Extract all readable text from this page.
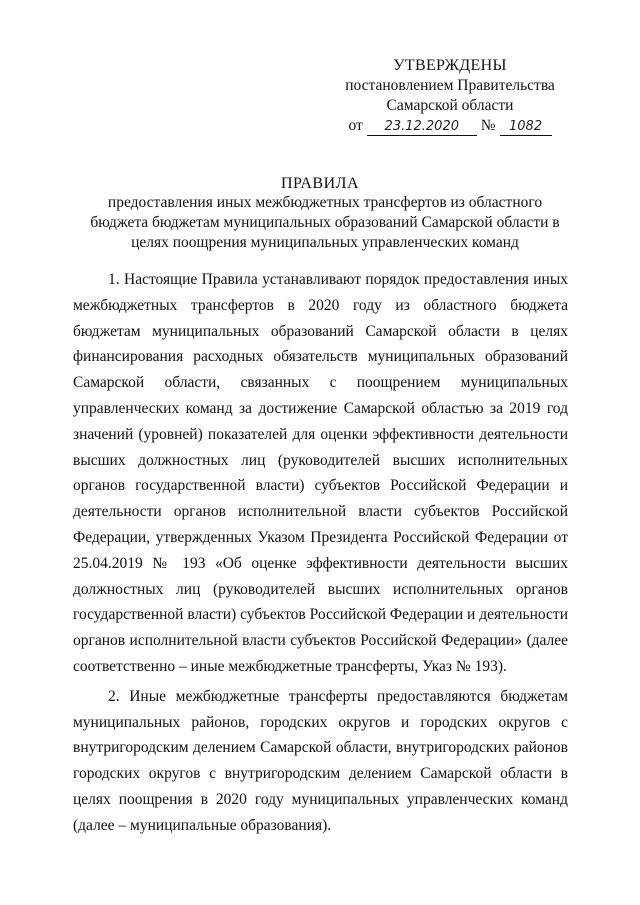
УТВЕРЖДЕНЫ
постановлением Правительства
Самарской области
от	23.12.2020	№	1082
ПРАВИЛА
предоставления иных межбюджетных трансфертов из областного бюджета бюджетам муниципальных образований Самарской области в целях поощрения муниципальных управленческих команд

1. Настоящие Правила устанавливают порядок предоставления иных межбюджетных трансфертов в 2020 году из областного бюджета бюджетам муниципальных образований Самарской области в целях финансирования расходных обязательств муниципальных образований Самарской области, связанных с поощрением муниципальных управленческих команд за достижение Самарской областью за 2019 год значений (уровней) показателей для оценки эффективности деятельности высших должностных лиц (руководителей высших исполнительных органов государственной власти) субъектов Российской Федерации и деятельности органов исполнительной власти субъектов Российской Федерации, утвержденных Указом Президента Российской Федерации от 25.04.2019 № 193 «Об оценке эффективности деятельности высших должностных лиц (руководителей высших исполнительных органов государственной власти) субъектов Российской Федерации и деятельности органов исполнительной власти субъектов Российской Федерации» (далее соответственно – иные межбюджетные трансферты, Указ № 193).

2. Иные межбюджетные трансферты предоставляются бюджетам муниципальных районов, городских округов и городских округов с внутригородским делением Самарской области, внутригородских районов городских округов с внутригородским делением Самарской области в целях поощрения в 2020 году муниципальных управленческих команд (далее – муниципальные образования).
